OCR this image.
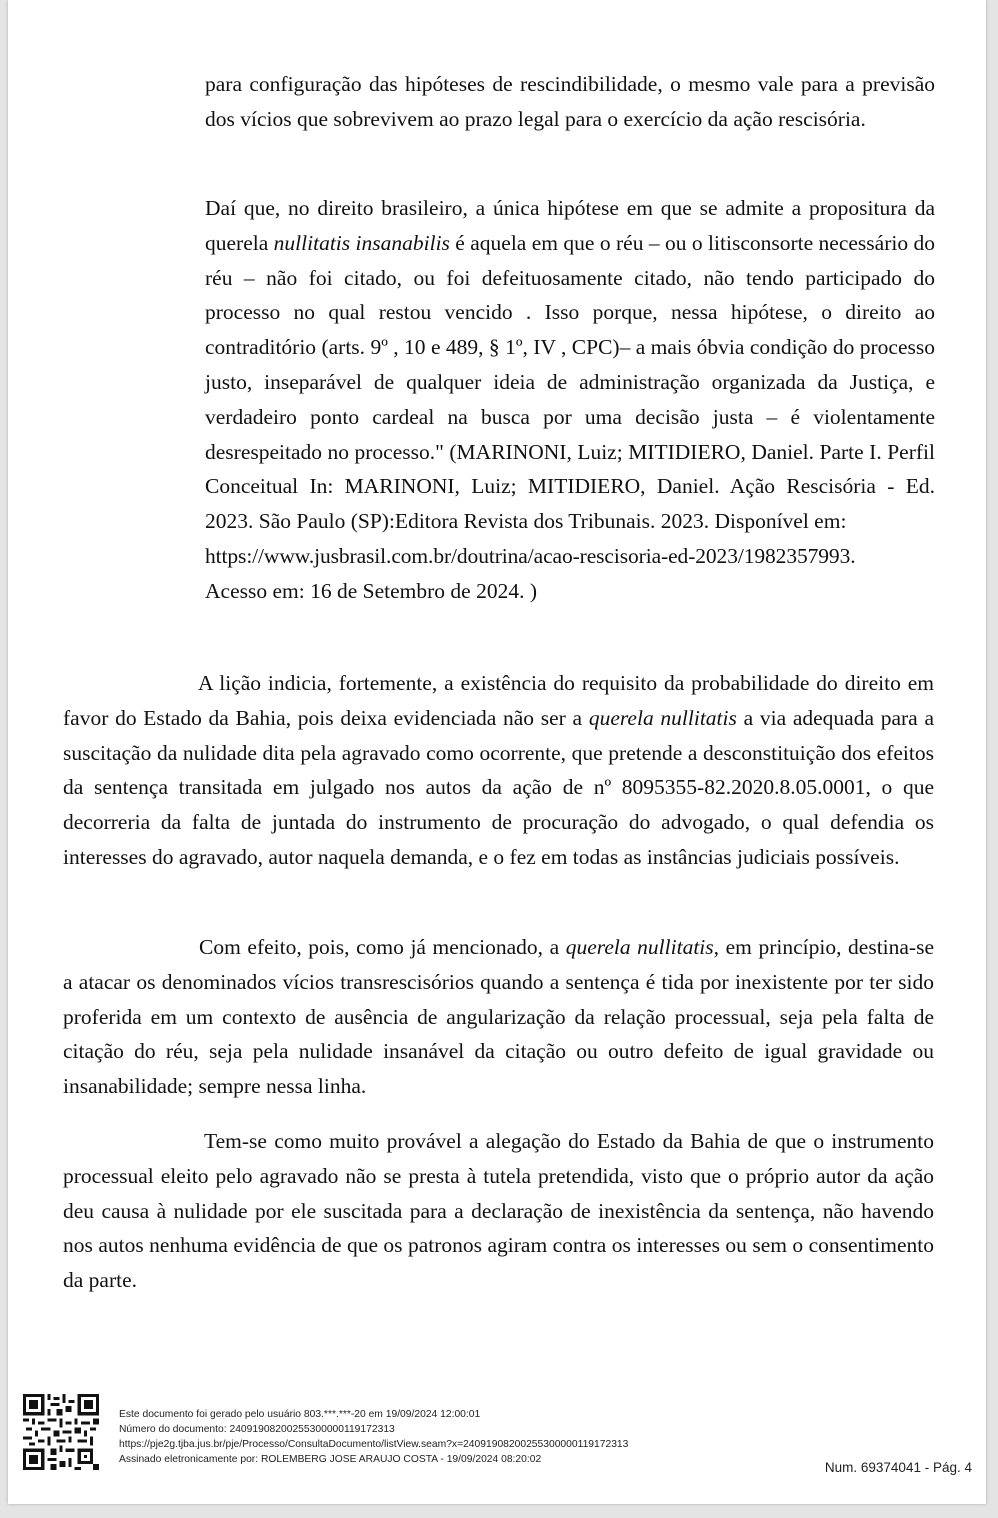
para configuração das hipóteses de rescindibilidade, o mesmo vale para a previsão dos vícios que sobrevivem ao prazo legal para o exercício da ação rescisória.

Daí que, no direito brasileiro, a única hipótese em que se admite a propositura da querela nullitatis insanabilis é aquela em que o réu – ou o litisconsorte necessário do réu – não foi citado, ou foi defeituosamente citado, não tendo participado do processo no qual restou vencido . Isso porque, nessa hipótese, o direito ao contraditório (arts. 9º , 10 e 489, § 1º, IV , CPC)– a mais óbvia condição do processo justo, inseparável de qualquer ideia de administração organizada da Justiça, e verdadeiro ponto cardeal na busca por uma decisão justa – é violentamente desrespeitado no processo." (MARINONI, Luiz; MITIDIERO, Daniel. Parte I. Perfil Conceitual In: MARINONI, Luiz; MITIDIERO, Daniel. Ação Rescisória - Ed. 2023. São Paulo (SP):Editora Revista dos Tribunais. 2023. Disponível em:
https://www.jusbrasil.com.br/doutrina/acao-rescisoria-ed-2023/1982357993.
Acesso em: 16 de Setembro de 2024. )

A lição indicia, fortemente, a existência do requisito da probabilidade do direito em favor do Estado da Bahia, pois deixa evidenciada não ser a querela nullitatis a via adequada para a suscitação da nulidade dita pela agravado como ocorrente, que pretende a desconstituição dos efeitos da sentença transitada em julgado nos autos da ação de nº 8095355-82.2020.8.05.0001, o que decorreria da falta de juntada do instrumento de procuração do advogado, o qual defendia os interesses do agravado, autor naquela demanda, e o fez em todas as instâncias judiciais possíveis.

Com efeito, pois, como já mencionado, a querela nullitatis, em princípio, destina-se a atacar os denominados vícios transrescisórios quando a sentença é tida por inexistente por ter sido proferida em um contexto de ausência de angularização da relação processual, seja pela falta de citação do réu, seja pela nulidade insanável da citação ou outro defeito de igual gravidade ou insanabilidade; sempre nessa linha.

Tem-se como muito provável a alegação do Estado da Bahia de que o instrumento processual eleito pelo agravado não se presta à tutela pretendida, visto que o próprio autor da ação deu causa à nulidade por ele suscitada para a declaração de inexistência da sentença, não havendo nos autos nenhuma evidência de que os patronos agiram contra os interesses ou sem o consentimento da parte.

Este documento foi gerado pelo usuário 803.***.***-20 em 19/09/2024 12:00:01
Número do documento: 24091908200255300000119172313
https://pje2g.tjba.jus.br/pje/Processo/ConsultaDocumento/listView.seam?x=24091908200255300000119172313
Assinado eletronicamente por: ROLEMBERG JOSE ARAUJO COSTA - 19/09/2024 08:20:02
Num. 69374041 - Pág. 4
